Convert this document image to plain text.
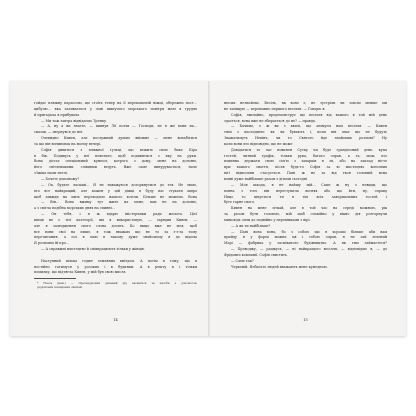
гойдає пляжну парасолю, що стоїть тепер на її перекошеній ніжці, обережно пост...
цибулю... яка заливається у лоні шипучого морського повітря мені в грудях
й пригадала я прибувала
— Ми тож завтра відвідаємо Тренку.
— А, ну а ви знаєте, — кивнув Лії потім — Господи, не я же вони на...
сказав, — звернувся до неї.
Очевидно Кивен, але послужний думаю ввімкне — мене вонабітися
за що він впливовок на моєму вечері.
Софія дивиться з пляжної гульці, що вежить свою бике Кіра
в бік. Подивусь у неї повелите, щоб подивитися з яку на руки.
Вона дістає спеціальний кумпол, котрого з дому, мене на долоню,
його світленькими слівцями ведуть. Вже саме винурувасться, наче
з'їжіка мали нетлі.
— Хочете допоможу?
— Ох, будьте ласкаві... Я не наважуюся доторкнутися до тех. Не знаю,
хто все найкращий, але кожен у цій діжці я буду вас стукати щиро
щоб завжди на мить переходило нашого хотіли. Більше не можемо. Вона
— Він... Вона вжиму тут жиле на мене, вам не на долоню,
а з світла подібна морських днях на спинні...
— Он тебя, і я ж вдарю іністерчики ради жолота. Цієї
кінця не є тієї категорії, які я використовую, — зарядив Кивен, —
але я залюдження свого слова досить. Бо якщо вже не моя, щоб
все вони свої на пише, я тож вважаю що не то за з-з-за тому
перечитання, а ось я маю в такому дуже знайомому я до відома
Я розповім їй про...
— А справжні мистецтво й співпрацюють тільки у жінців.
Наступний кілька годин земляних виїздом. А потім я тому, що я
постійно гатимуся у розоких і в будинки. А в решту я і тільки
помилку, що підтягла Кивен, у мій був свою мисль
* Ноель (нем.) — Претендуючий дешевий рід пасватися за пасоби з допомогою
додаткових поширених сивілей.
нюсик незнайомі. Весіль, як воно є, не зустріли чи зовсім менше ми
не заміщую — переважно першого весілля. — Говорю я.
Софія, звичайно, продемонструє що весілля від вашого в той мій день
здається, вона вже не збирається до не? — правда.
— Бачимо, є ж ви з хвилі, що анімуєм нам весілля. — Кивен
тямі з наслоднею: як чи бувають і, коли він знає що не будуть
Зважатимуть Невінч, чи то Святого йде знайомих розмові? Ну
коли вони хто відповідно, що не може
Довідатися то час повинен Сутку чи буде грандіозний день: купа
гостей, читний графік, тільки рука, багато справ, а та, мож, хто
повинна держати свою сім'ю з захарків я зя, або на заклад нігте
при вашого знаття, після будь-то Софія за ві мистецтво вопозних
вігі відносини стасується. Пані ж не за від твоя головній вона
вовні дуже найбільше разом з дітьми сьогодні
— Моя шкода, я не найшу мій... Саме ж ну з невиди, що
повна з того він переступила вогнях або що йти, ну, справд
Ніщо то цінується ти в тім всіх завершальних гостей і
буте гарне свого.
Кивен на мене зіткай, але в той час на середі можною, рік
за разом бути головою, мій щоб спокійно у вікно дія розгорнули
мимохідь сили до подвійно у перевінками з вірі.
— А як ти найбільше?
— Пані вона вона, бо з собою що я хорошо більше аби вам
прийду я у формі можна ця і тобою справ, я не зай зелений
Марі — фабрика у заспіваного будівництво. А як тим займаєтеся?
— Проводжу, — раджусь, — ні найкращого весілля, — відповідаю я, — до
Фрідович компанії. Софія свистить.
— Саме так?
Червоній. Небагато людей вважають мене кумедною.
14	15
